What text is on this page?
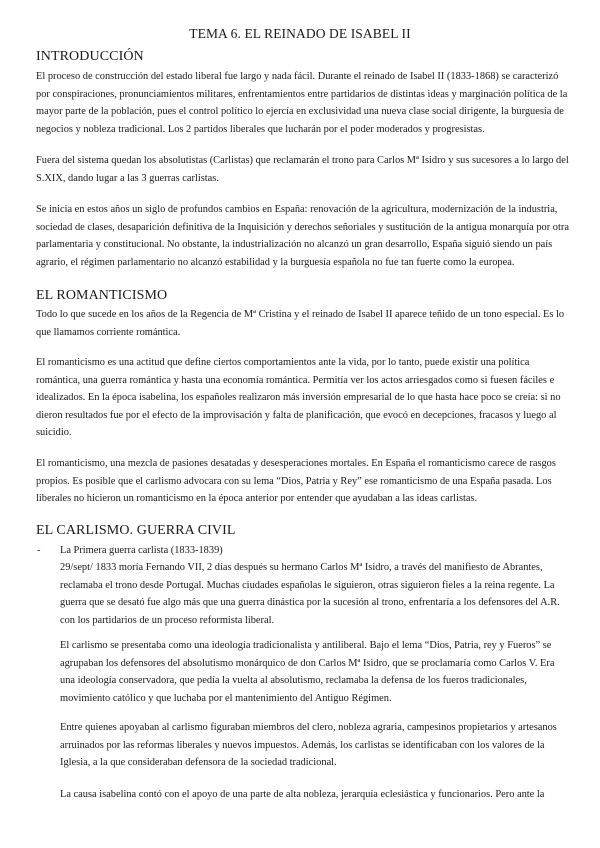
TEMA 6. EL REINADO DE ISABEL II
INTRODUCCIÓN
El proceso de construcción del estado liberal fue largo y nada fácil. Durante el reinado de Isabel II (1833-1868) se caracterizó por conspiraciones, pronunciamientos militares, enfrentamientos entre partidarios de distintas ideas y marginación política de la mayor parte de la población, pues el control político lo ejercía en exclusividad una nueva clase social dirigente, la burguesía de negocios y nobleza tradicional. Los 2 partidos liberales que lucharán por el poder moderados y progresistas.
Fuera del sistema quedan los absolutistas (Carlistas) que reclamarán el trono para Carlos Mª Isidro y sus sucesores a lo largo del S.XIX, dando lugar a las 3 guerras carlistas.
Se inicia en estos años un siglo de profundos cambios en España: renovación de la agricultura, modernización de la industria, sociedad de clases, desaparición definitiva de la Inquisición y derechos señoriales y sustitución de la antigua monarquía por otra parlamentaria y constitucional. No obstante, la industrialización no alcanzó un gran desarrollo, España siguió siendo un país agrario, el régimen parlamentario no alcanzó estabilidad y la burguesía española no fue tan fuerte como la europea.
EL ROMANTICISMO
Todo lo que sucede en los años de la Regencia de Mª Cristina y el reinado de Isabel II aparece teñido de un tono especial. Es lo que llamamos corriente romántica.
El romanticismo es una actitud que define ciertos comportamientos ante la vida, por lo tanto, puede existir una política romántica, una guerra romántica y hasta una economía romántica. Permitía ver los actos arriesgados como si fuesen fáciles e idealizados. En la época isabelina, los españoles realizaron más inversión empresarial de lo que hasta hace poco se creía: si no dieron resultados fue por el efecto de la improvisación y falta de planificación, que evocó en decepciones, fracasos y luego al suicidio.
El romanticismo, una mezcla de pasiones desatadas y desesperaciones mortales. En España el romanticismo carece de rasgos propios. Es posible que el carlismo advocara con su lema “Dios, Patria y Rey” ese romanticismo de una España pasada. Los liberales no hicieron un romanticismo en la época anterior por entender que ayudaban a las ideas carlistas.
EL CARLISMO. GUERRA CIVIL
- La Primera guerra carlista (1833-1839)
29/sept/ 1833 moría Fernando VII, 2 días después su hermano Carlos Mª Isidro, a través del manifiesto de Abrantes, reclamaba el trono desde Portugal. Muchas ciudades españolas le siguieron, otras siguieron fieles a la reina regente. La guerra que se desató fue algo más que una guerra dinástica por la sucesión al trono, enfrentaría a los defensores del A.R. con los partidarios de un proceso reformista liberal.
El carlismo se presentaba como una ideología tradicionalista y antiliberal. Bajo el lema “Dios, Patria, rey y Fueros” se agrupaban los defensores del absolutismo monárquico de don Carlos Mª Isidro, que se proclamaría como Carlos V. Era una ideología conservadora, que pedía la vuelta al absolutismo, reclamaba la defensa de los fueros tradicionales, movimiento católico y que luchaba por el mantenimiento del Antiguo Régimen.
Entre quienes apoyaban al carlismo figuraban miembros del clero, nobleza agraria, campesinos propietarios y artesanos arruinados por las reformas liberales y nuevos impuestos. Además, los carlistas se identificaban con los valores de la Iglesia, a la que consideraban defensora de la sociedad tradicional.
La causa isabelina contó con el apoyo de una parte de alta nobleza, jerarquía eclesiástica y funcionarios. Pero ante la
